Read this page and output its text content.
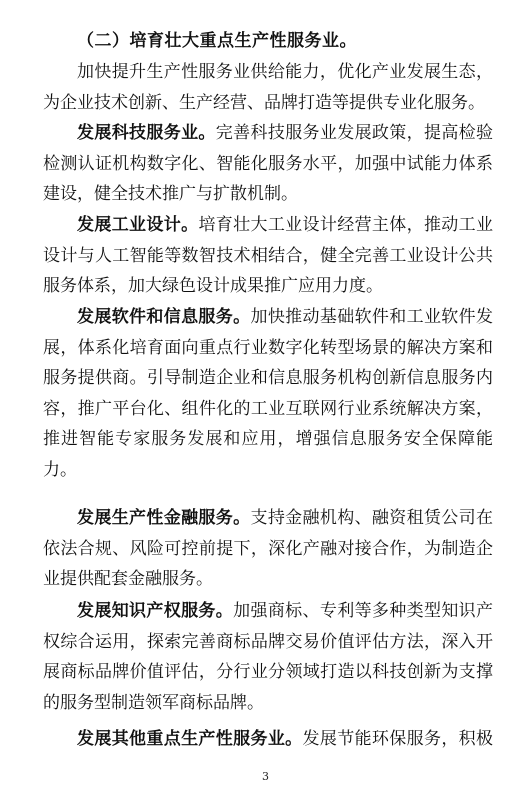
（二）培育壮大重点生产性服务业。
加快提升生产性服务业供给能力，优化产业发展生态，
为企业技术创新、生产经营、品牌打造等提供专业化服务。
发展科技服务业。完善科技服务业发展政策，提高检验
检测认证机构数字化、智能化服务水平，加强中试能力体系
建设，健全技术推广与扩散机制。
发展工业设计。培育壮大工业设计经营主体，推动工业
设计与人工智能等数智技术相结合，健全完善工业设计公共
服务体系，加大绿色设计成果推广应用力度。
发展软件和信息服务。加快推动基础软件和工业软件发
展，体系化培育面向重点行业数字化转型场景的解决方案和
服务提供商。引导制造企业和信息服务机构创新信息服务内
容，推广平台化、组件化的工业互联网行业系统解决方案，
推进智能专家服务发展和应用，增强信息服务安全保障能
力。
发展生产性金融服务。支持金融机构、融资租赁公司在
依法合规、风险可控前提下，深化产融对接合作，为制造企
业提供配套金融服务。
发展知识产权服务。加强商标、专利等多种类型知识产
权综合运用，探索完善商标品牌交易价值评估方法，深入开
展商标品牌价值评估，分行业分领域打造以科技创新为支撑
的服务型制造领军商标品牌。
发展其他重点生产性服务业。发展节能环保服务，积极
3
